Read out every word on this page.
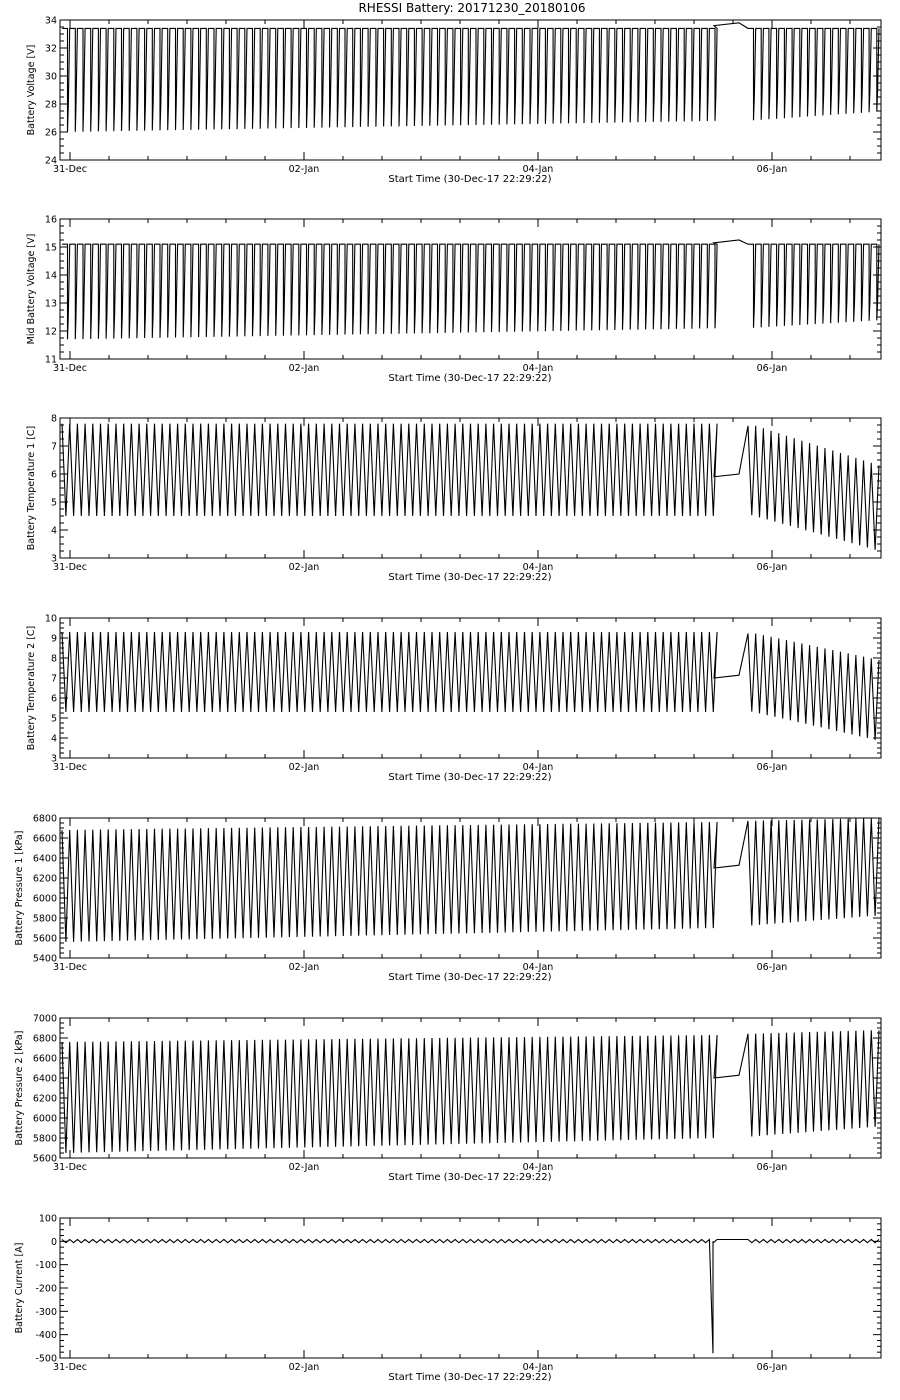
RHESSI Battery: 20171230_20180106
24
26
28
30
32
34
31-Dec	02-Jan	04-Jan	06-Jan
Start Time (30-Dec-17 22:29:22)
Battery Voltage [V]
11
12
13
14
15
16
31-Dec	02-Jan	04-Jan	06-Jan
Start Time (30-Dec-17 22:29:22)
Mid Battery Voltage [V]
3
4
5
6
7
8
31-Dec	02-Jan	04-Jan	06-Jan
Start Time (30-Dec-17 22:29:22)
Battery Temperature 1 [C]
3
4
5
6
7
8
9
10
31-Dec	02-Jan	04-Jan	06-Jan
Start Time (30-Dec-17 22:29:22)
Battery Temperature 2 [C]
5400
5600
5800
6000
6200
6400
6600
6800
31-Dec	02-Jan	04-Jan	06-Jan
Start Time (30-Dec-17 22:29:22)
Battery Pressure 1 [kPa]
5600
5800
6000
6200
6400
6600
6800
7000
31-Dec	02-Jan	04-Jan	06-Jan
Start Time (30-Dec-17 22:29:22)
Battery Pressure 2 [kPa]
-500
-400
-300
-200
-100
0
100
31-Dec	02-Jan	04-Jan	06-Jan
Start Time (30-Dec-17 22:29:22)
Battery Current [A]
